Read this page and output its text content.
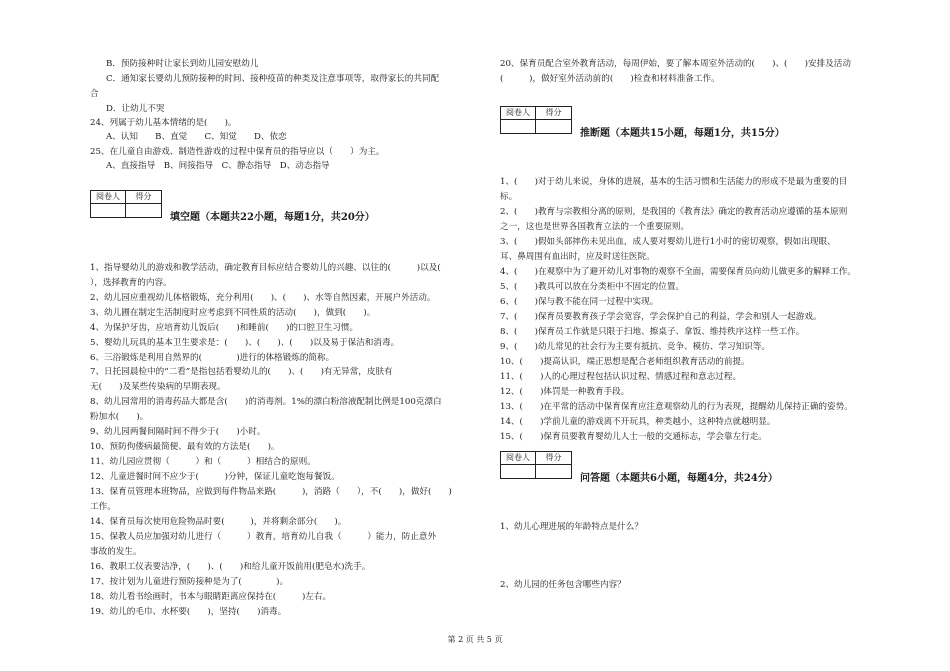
B．预防接种时让家长到幼儿园安慰幼儿
C．通知家长婴幼儿预防接种的时间、接种疫苗的种类及注意事项等，取得家长的共同配
合
D．让幼儿不哭
24、列属于幼儿基本情绪的是(　　)。
A、认知　　B、直觉　　C、知觉　　D、依恋
25、在儿童自由游戏、制造性游戏的过程中保育员的指导应以（　　）为主。
A、直接指导　B、间接指导　C、静态指导　D、动态指导
阅卷人	得分
填空题（本题共22小题，每题1分，共20分）
1、指导婴幼儿的游戏和教学活动，确定教育目标应结合婴幼儿的兴趣、以往的(　　　)以及(
），选择教育的内容。
2、幼儿园应重视幼儿体格锻炼，充分利用(　　)、(　　)、水等自然因素，开展户外活动。
3、幼儿圃在制定生活制度时应考虑到不同性质的活动(　　)，做到(　　)。
4、为保护牙齿，应培育幼儿饭后(　　)和睡前(　　)的口腔卫生习惯。
5、婴幼儿玩具的基本卫生要求是：(　　)、(　　)、(　　)以及易于保洁和消毒。
6、三浴锻炼是利用自然界的(　　　　)进行的体格锻炼的简称。
7、日托园晨检中的“二看”是指包括看婴幼儿的(　　)、(　　)有无异常，皮肤有
无(　　)及某些传染病的早期表现。
8、幼儿园常用的消毒药品大都是含(　　)的消毒剂。1%的漂白粉溶液配制比例是100克漂白
粉加水(　　)。
9、幼儿园两餐间隔时间不得少于(　　)小时。
10、预防佝偻病最简便、最有效的方法是(　　)。
11、幼儿园应贯彻（　　　）和（　　　）相结合的原则。
12、儿童进餐时间不应少于(　　　)分钟，保证儿童吃饱每餐饭。
13、保育员管理本班物品，应做到每件物品来路(　　　)，消路（　　），不(　　)，做好(　　)
工作。
14、保育员每次使用危险物品时要(　　　)，并将剩余部分(　　)。
15、保教人员应加强对幼儿进行（　　　）教育，培育幼儿自我（　　　）能力，防止意外
事故的发生。
16、教职工仪表要洁净，(　　)、(　　)和给儿童开饭前用(肥皂水)洗手。
17、按计划为儿童进行预防接种是为了(　　　　)。
18、幼儿看书绘画时，书本与眼睛距离应保持在(　　　)左右。
19、幼儿的毛巾、水杯要(　　)，坚持(　　)消毒。
20、保育员配合室外教育活动，每周伊始，要了解本周室外活动的(　　)、(　　)安排及活动
(　　　)，做好室外活动前的(　　)检查和材料准备工作。
阅卷人	得分
推断题（本题共15小题，每题1分，共15分）
1、(　　)对于幼儿来说，身体的进展，基本的生活习惯和生活能力的形成不是最为重要的目
标。
2、(　　)教育与宗教相分离的原则，是我国的《教育法》确定的教育活动应遵循的基本原则
之一，这也是世界各国教育立法的一个重要原则。
3、(　　)假如头部摔伤未见出血，成人要对婴幼儿进行1小时的密切观察，假如出现眼、
耳、鼻周围有血出时，应及时送往医院。
4、(　　)在观察中为了避开幼儿对事物的观察不全面，需要保育员向幼儿做更多的解释工作。
5、(　　)教具可以放在分类柜中不固定的位置。
6、(　　)保与教不能在同一过程中实现。
7、(　　)保育员要教育孩子学会宽容，学会保护自己的利益，学会和别人一起游戏。
8、(　　)保育员工作就是只限于扫地、擦桌子、拿饭、维持秩序这样一些工作。
9、(　　)幼儿常见的社会行为主要有抵抗、竞争、模仿、学习知识等。
10、(　　)提高认识，端正思想是配合老师组织教育活动的前提。
11、(　　)人的心理过程包括认识过程、情感过程和意志过程。
12、(　　)体罚是一种教育手段。
13、(　　)在平常的活动中保育保育应注意观察幼儿的行为表现，提醒幼儿保持正确的姿势。
14、(　　)学前儿童的游戏离不开玩具，种类越小，这种特点就越明显。
15、(　　)保育员要教育婴幼儿人士一般的交通标志，学会靠左行走。
阅卷人	得分
问答题（本题共6小题，每题4分，共24分）
1、幼儿心理进展的年龄特点是什么？
2、幼儿园的任务包含哪些内容？
第 2 页 共 5 页
